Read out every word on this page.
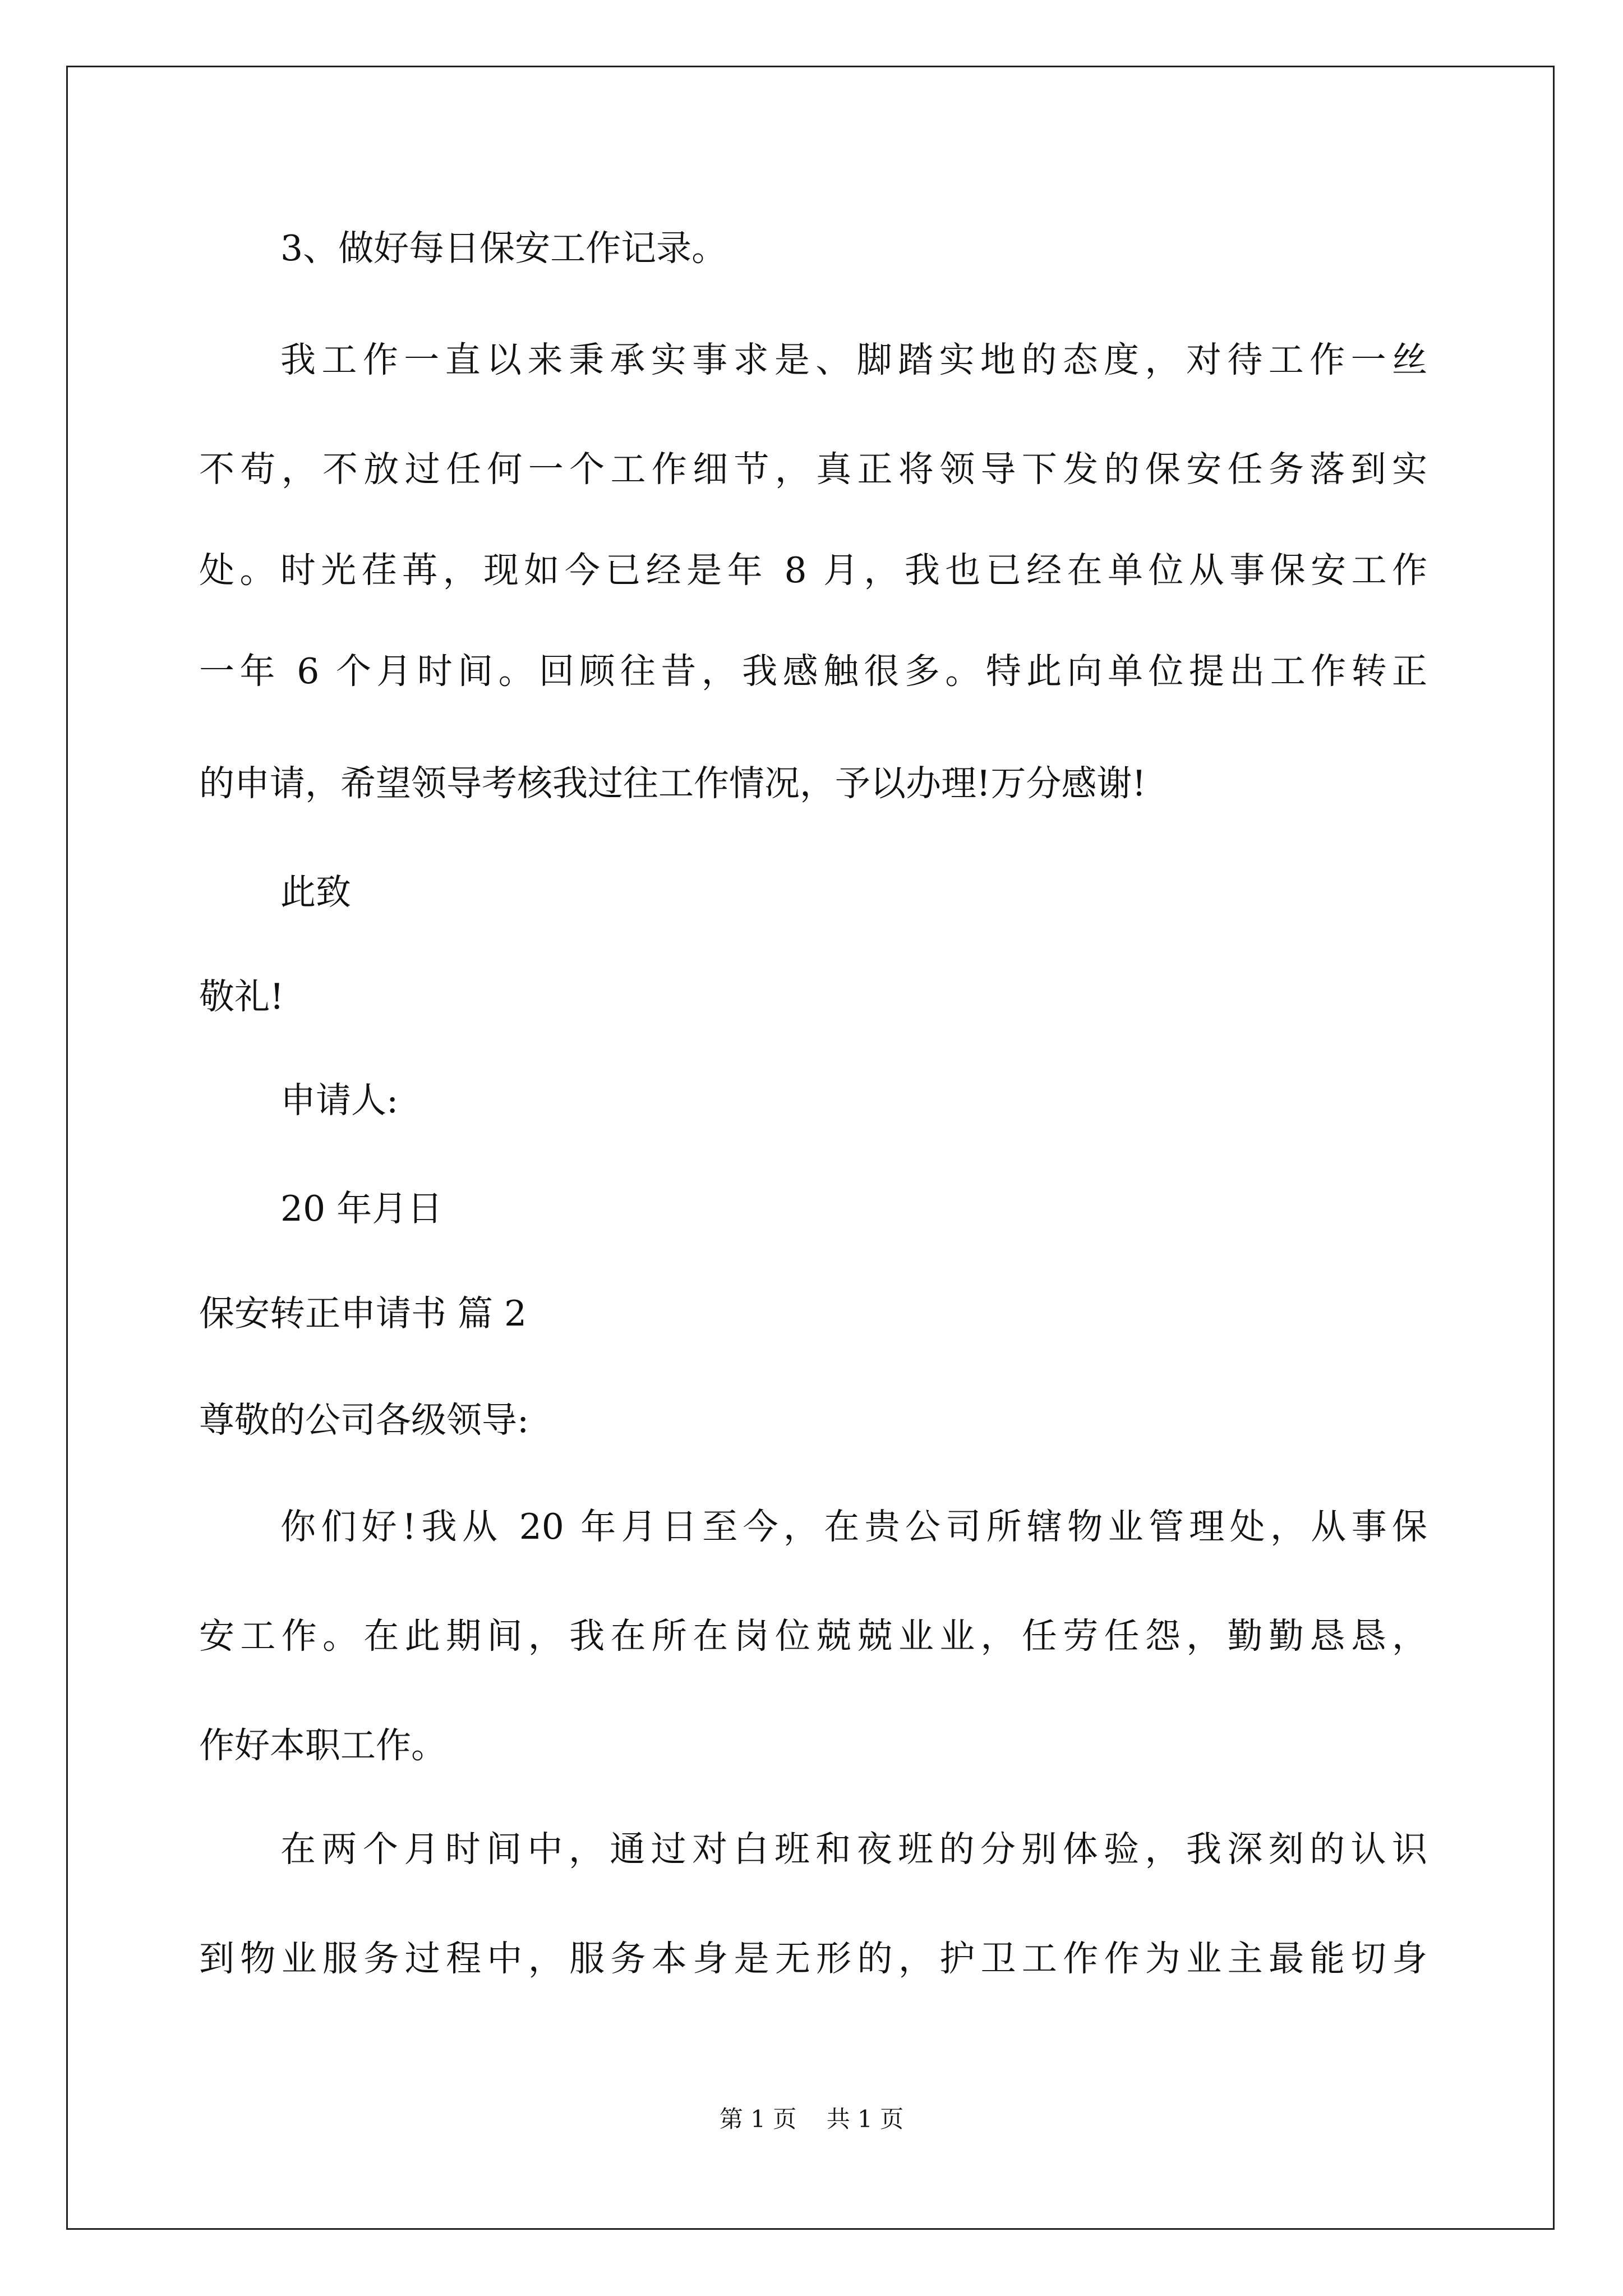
3、做好每日保安工作记录。
我工作一直以来秉承实事求是、脚踏实地的态度，对待工作一丝
不苟，不放过任何一个工作细节，真正将领导下发的保安任务落到实
处。时光荏苒，现如今已经是年 8 月，我也已经在单位从事保安工作
一年 6 个月时间。回顾往昔，我感触很多。特此向单位提出工作转正
的申请，希望领导考核我过往工作情况，予以办理!万分感谢!
此致
敬礼!
申请人:
20 年月日
保安转正申请书 篇 2
尊敬的公司各级领导:
你们好!我从 20 年月日至今，在贵公司所辖物业管理处，从事保
安工作。在此期间，我在所在岗位兢兢业业，任劳任怨，勤勤恳恳，
作好本职工作。
在两个月时间中，通过对白班和夜班的分别体验，我深刻的认识
到物业服务过程中，服务本身是无形的，护卫工作作为业主最能切身
第 1 页    共 1 页
